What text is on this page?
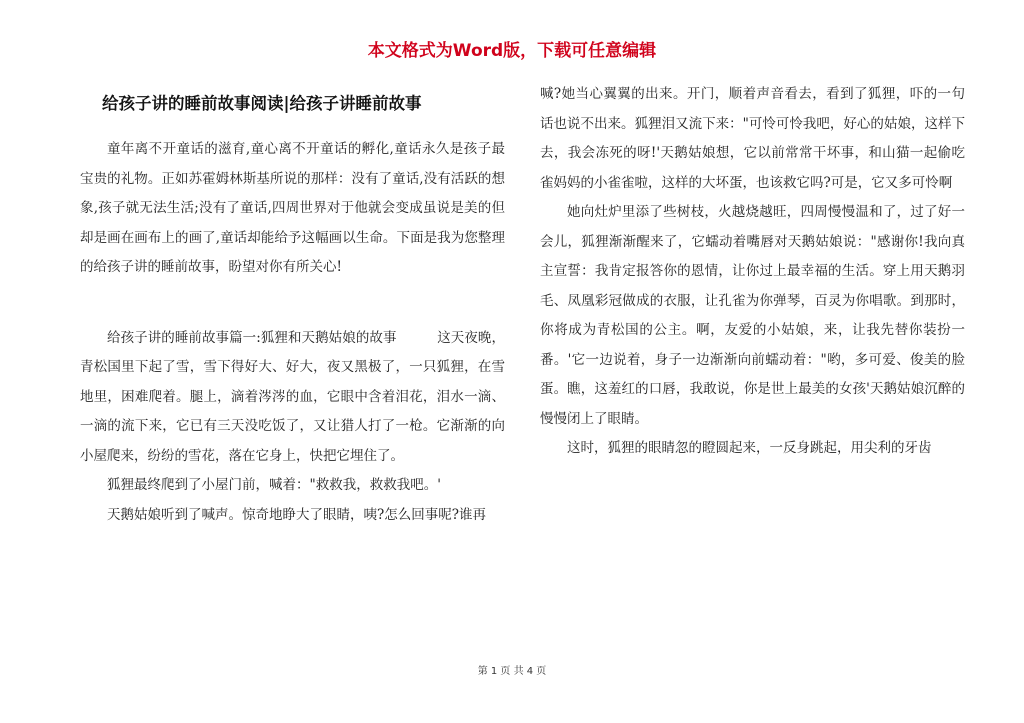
本文格式为Word版，下载可任意编辑
给孩子讲的睡前故事阅读|给孩子讲睡前故事

童年离不开童话的滋育,童心离不开童话的孵化,童话永久是孩子最宝贵的礼物。正如苏霍姆林斯基所说的那样：没有了童话,没有活跃的想象,孩子就无法生活;没有了童话,四周世界对于他就会变成虽说是美的但却是画在画布上的画了,童话却能给予这幅画以生命。下面是我为您整理的给孩子讲的睡前故事，盼望对你有所关心!

给孩子讲的睡前故事篇一:狐狸和天鹅姑娘的故事　　　这天夜晚，青松国里下起了雪，雪下得好大、好大，夜又黑极了，一只狐狸，在雪地里，困难爬着。腿上，滴着涔涔的血，它眼中含着泪花，泪水一滴、一滴的流下来，它已有三天没吃饭了，又让猎人打了一枪。它渐渐的向小屋爬来，纷纷的雪花，落在它身上，快把它埋住了。

狐狸最终爬到了小屋门前，喊着："救救我，救救我吧。'

天鹅姑娘听到了喊声。惊奇地睁大了眼睛，咦?怎么回事呢?谁再

喊?她当心翼翼的出来。开门，顺着声音看去，看到了狐狸，吓的一句话也说不出来。狐狸泪又流下来："可怜可怜我吧，好心的姑娘，这样下去，我会冻死的呀!'天鹅姑娘想，它以前常常干坏事，和山猫一起偷吃雀妈妈的小雀雀啦，这样的大坏蛋，也该救它吗?可是，它又多可怜啊

她向灶炉里添了些树枝，火越烧越旺，四周慢慢温和了，过了好一会儿，狐狸渐渐醒来了，它蠕动着嘴唇对天鹅姑娘说："感谢你!我向真主宣誓：我肯定报答你的恩情，让你过上最幸福的生活。穿上用天鹅羽毛、凤凰彩冠做成的衣服，让孔雀为你弹琴，百灵为你唱歌。到那时，你将成为青松国的公主。啊，友爱的小姑娘，来，让我先替你装扮一番。'它一边说着，身子一边渐渐向前蠕动着："哟，多可爱、俊美的脸蛋。瞧，这羞红的口唇，我敢说，你是世上最美的女孩'天鹅姑娘沉醉的慢慢闭上了眼睛。

这时，狐狸的眼睛忽的瞪圆起来，一反身跳起，用尖利的牙齿

第 1 页 共 4 页
